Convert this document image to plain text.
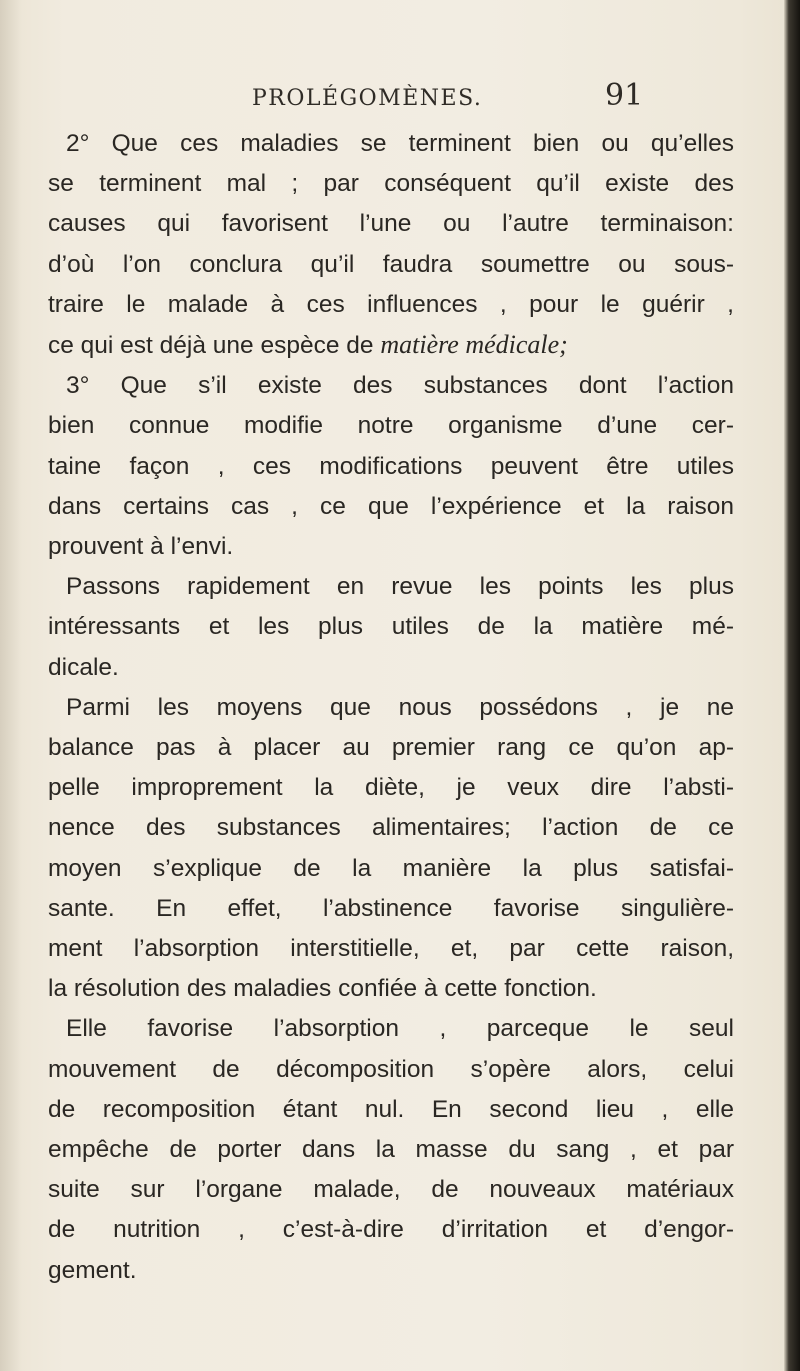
PROLÉGOMÈNES.	91
2° Que ces maladies se terminent bien ou qu’elles
se terminent mal ; par conséquent qu’il existe des
causes qui favorisent l’une ou l’autre terminaison:
d’où l’on conclura qu’il faudra soumettre ou sous-
traire le malade à ces influences , pour le guérir ,
ce qui est déjà une espèce de matière médicale;
3° Que s’il existe des substances dont l’action
bien connue modifie notre organisme d’une cer-
taine façon , ces modifications peuvent être utiles
dans certains cas , ce que l’expérience et la raison
prouvent à l’envi.
Passons rapidement en revue les points les plus
intéressants et les plus utiles de la matière mé-
dicale.
Parmi les moyens que nous possédons , je ne
balance pas à placer au premier rang ce qu’on ap-
pelle improprement la diète, je veux dire l’absti-
nence des substances alimentaires; l’action de ce
moyen s’explique de la manière la plus satisfai-
sante. En effet, l’abstinence favorise singulière-
ment l’absorption interstitielle, et, par cette raison,
la résolution des maladies confiée à cette fonction.
Elle favorise l’absorption , parceque le seul
mouvement de décomposition s’opère alors, celui
de recomposition étant nul. En second lieu , elle
empêche de porter dans la masse du sang , et par
suite sur l’organe malade, de nouveaux matériaux
de nutrition , c’est-à-dire d’irritation et d’engor-
gement.
